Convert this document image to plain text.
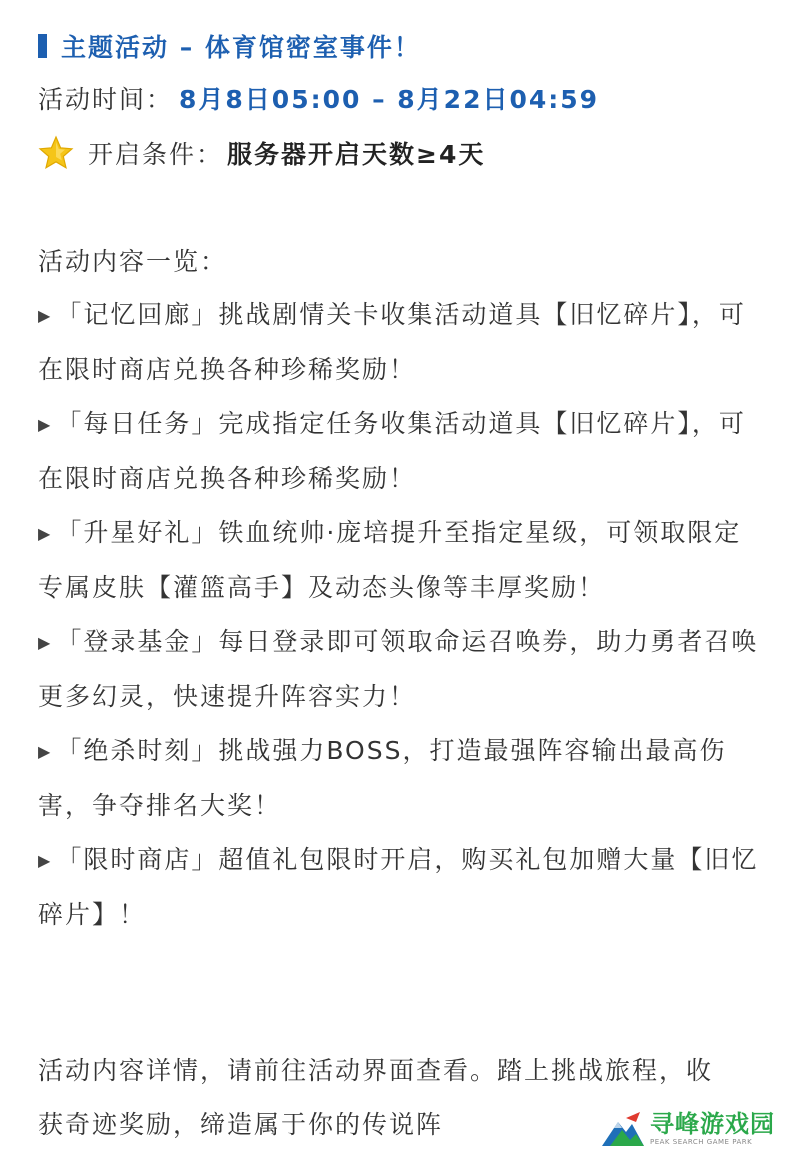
主题活动 – 体育馆密室事件！
活动时间： 8月8日05:00 – 8月22日04:59
开启条件： 服务器开启天数≥4天
活动内容一览：
▶ 「记忆回廊」挑战剧情关卡收集活动道具【旧忆碎片】，可在限时商店兑换各种珍稀奖励！
▶ 「每日任务」完成指定任务收集活动道具【旧忆碎片】，可在限时商店兑换各种珍稀奖励！
▶ 「升星好礼」铁血统帅·庞培提升至指定星级，可领取限定专属皮肤【灌篮高手】及动态头像等丰厚奖励！
▶ 「登录基金」每日登录即可领取命运召唤券，助力勇者召唤更多幻灵，快速提升阵容实力！
▶ 「绝杀时刻」挑战强力BOSS，打造最强阵容输出最高伤害，争夺排名大奖！
▶ 「限时商店」超值礼包限时开启，购买礼包加赠大量【旧忆碎片】！
活动内容详情，请前往活动界面查看。踏上挑战旅程，收获奇迹奖励，缔造属于你的传说阵	寻峰游戏园
PEAK SEARCH GAME PARK
